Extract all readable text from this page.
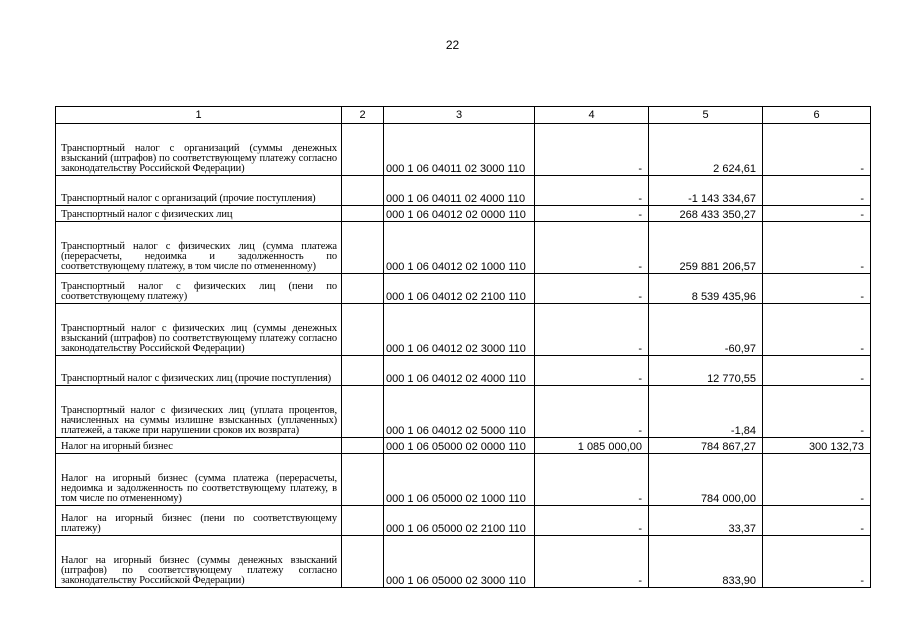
22
1	2	3	4	5	6
Транспортный налог с организаций (суммы денежных взысканий (штрафов) по соответствующему платежу согласно законодательству Российской Федерации)		000 1 06 04011 02 3000 110	-	2 624,61	-
Транспортный налог с организаций (прочие поступления)		000 1 06 04011 02 4000 110	-	-1 143 334,67	-
Транспортный налог с физических лиц		000 1 06 04012 02 0000 110	-	268 433 350,27	-
Транспортный налог с физических лиц (сумма платежа (перерасчеты, недоимка и задолженность по соответствующему платежу, в том числе по отмененному)		000 1 06 04012 02 1000 110	-	259 881 206,57	-
Транспортный налог с физических лиц (пени по соответствующему платежу)		000 1 06 04012 02 2100 110	-	8 539 435,96	-
Транспортный налог с физических лиц (суммы денежных взысканий (штрафов) по соответствующему платежу согласно законодательству Российской Федерации)		000 1 06 04012 02 3000 110	-	-60,97	-
Транспортный налог с физических лиц (прочие поступления)		000 1 06 04012 02 4000 110	-	12 770,55	-
Транспортный налог с физических лиц (уплата процентов, начисленных на суммы излишне взысканных (уплаченных) платежей, а также при нарушении сроков их возврата)		000 1 06 04012 02 5000 110	-	-1,84	-
Налог на игорный бизнес		000 1 06 05000 02 0000 110	1 085 000,00	784 867,27	300 132,73
Налог на игорный бизнес (сумма платежа (перерасчеты, недоимка и задолженность по соответствующему платежу, в том числе по отмененному)		000 1 06 05000 02 1000 110	-	784 000,00	-
Налог на игорный бизнес (пени по соответствующему платежу)		000 1 06 05000 02 2100 110	-	33,37	-
Налог на игорный бизнес (суммы денежных взысканий (штрафов) по соответствующему платежу согласно законодательству Российской Федерации)		000 1 06 05000 02 3000 110	-	833,90	-
